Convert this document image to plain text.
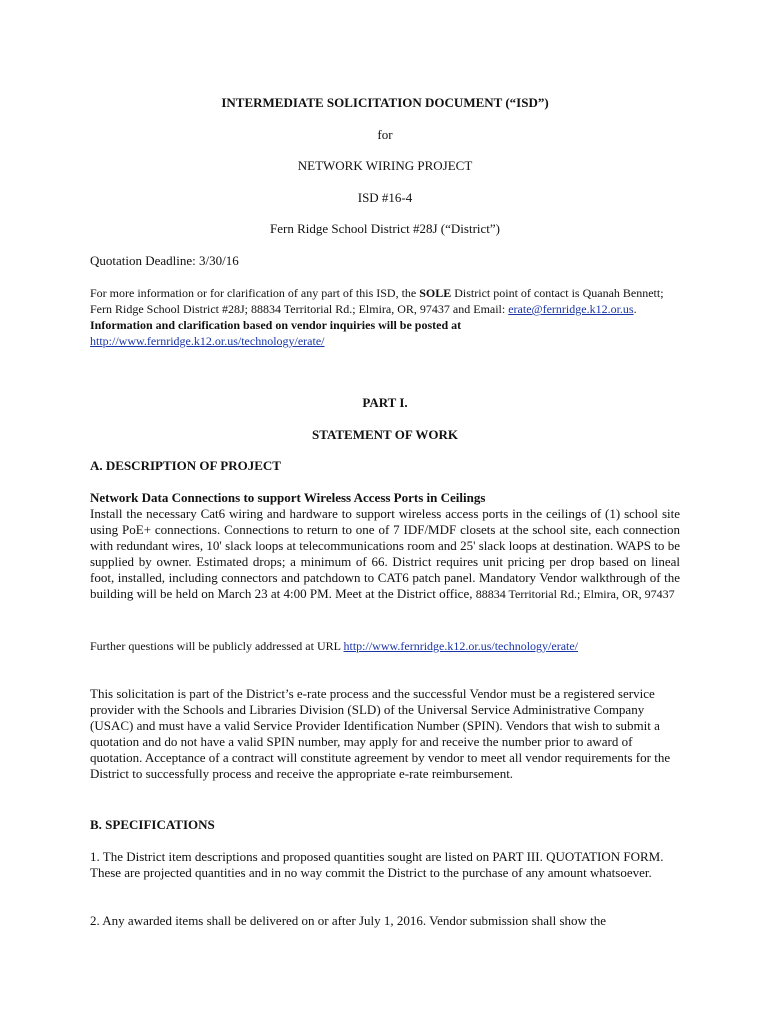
INTERMEDIATE SOLICITATION DOCUMENT (“ISD”)

for

NETWORK WIRING PROJECT

ISD #16-4

Fern Ridge School District #28J (“District”)

Quotation Deadline: 3/30/16

For more information or for clarification of any part of this ISD, the SOLE District point of contact is Quanah Bennett; Fern Ridge School District #28J; 88834 Territorial Rd.; Elmira, OR, 97437 and Email: erate@fernridge.k12.or.us. Information and clarification based on vendor inquiries will be posted at
http://www.fernridge.k12.or.us/technology/erate/

PART I.

STATEMENT OF WORK

A. DESCRIPTION OF PROJECT

Network Data Connections to support Wireless Access Ports in Ceilings

Install the necessary Cat6 wiring and hardware to support wireless access ports in the ceilings of (1) school site using PoE+ connections. Connections to return to one of 7 IDF/MDF closets at the school site, each connection with redundant wires, 10' slack loops at telecommunications room and 25' slack loops at destination. WAPS to be supplied by owner. Estimated drops; a minimum of 66. District requires unit pricing per drop based on lineal foot, installed, including connectors and patchdown to CAT6 patch panel. Mandatory Vendor walkthrough of the building will be held on March 23 at 4:00 PM. Meet at the District office, 88834 Territorial Rd.; Elmira, OR, 97437

Further questions will be publicly addressed at URL http://www.fernridge.k12.or.us/technology/erate/

This solicitation is part of the District’s e-rate process and the successful Vendor must be a registered service provider with the Schools and Libraries Division (SLD) of the Universal Service Administrative Company (USAC) and must have a valid Service Provider Identification Number (SPIN). Vendors that wish to submit a quotation and do not have a valid SPIN number, may apply for and receive the number prior to award of quotation. Acceptance of a contract will constitute agreement by vendor to meet all vendor requirements for the District to successfully process and receive the appropriate e-rate reimbursement.

B. SPECIFICATIONS

1. The District item descriptions and proposed quantities sought are listed on PART III. QUOTATION FORM. These are projected quantities and in no way commit the District to the purchase of any amount whatsoever.

2. Any awarded items shall be delivered on or after July 1, 2016. Vendor submission shall show the
